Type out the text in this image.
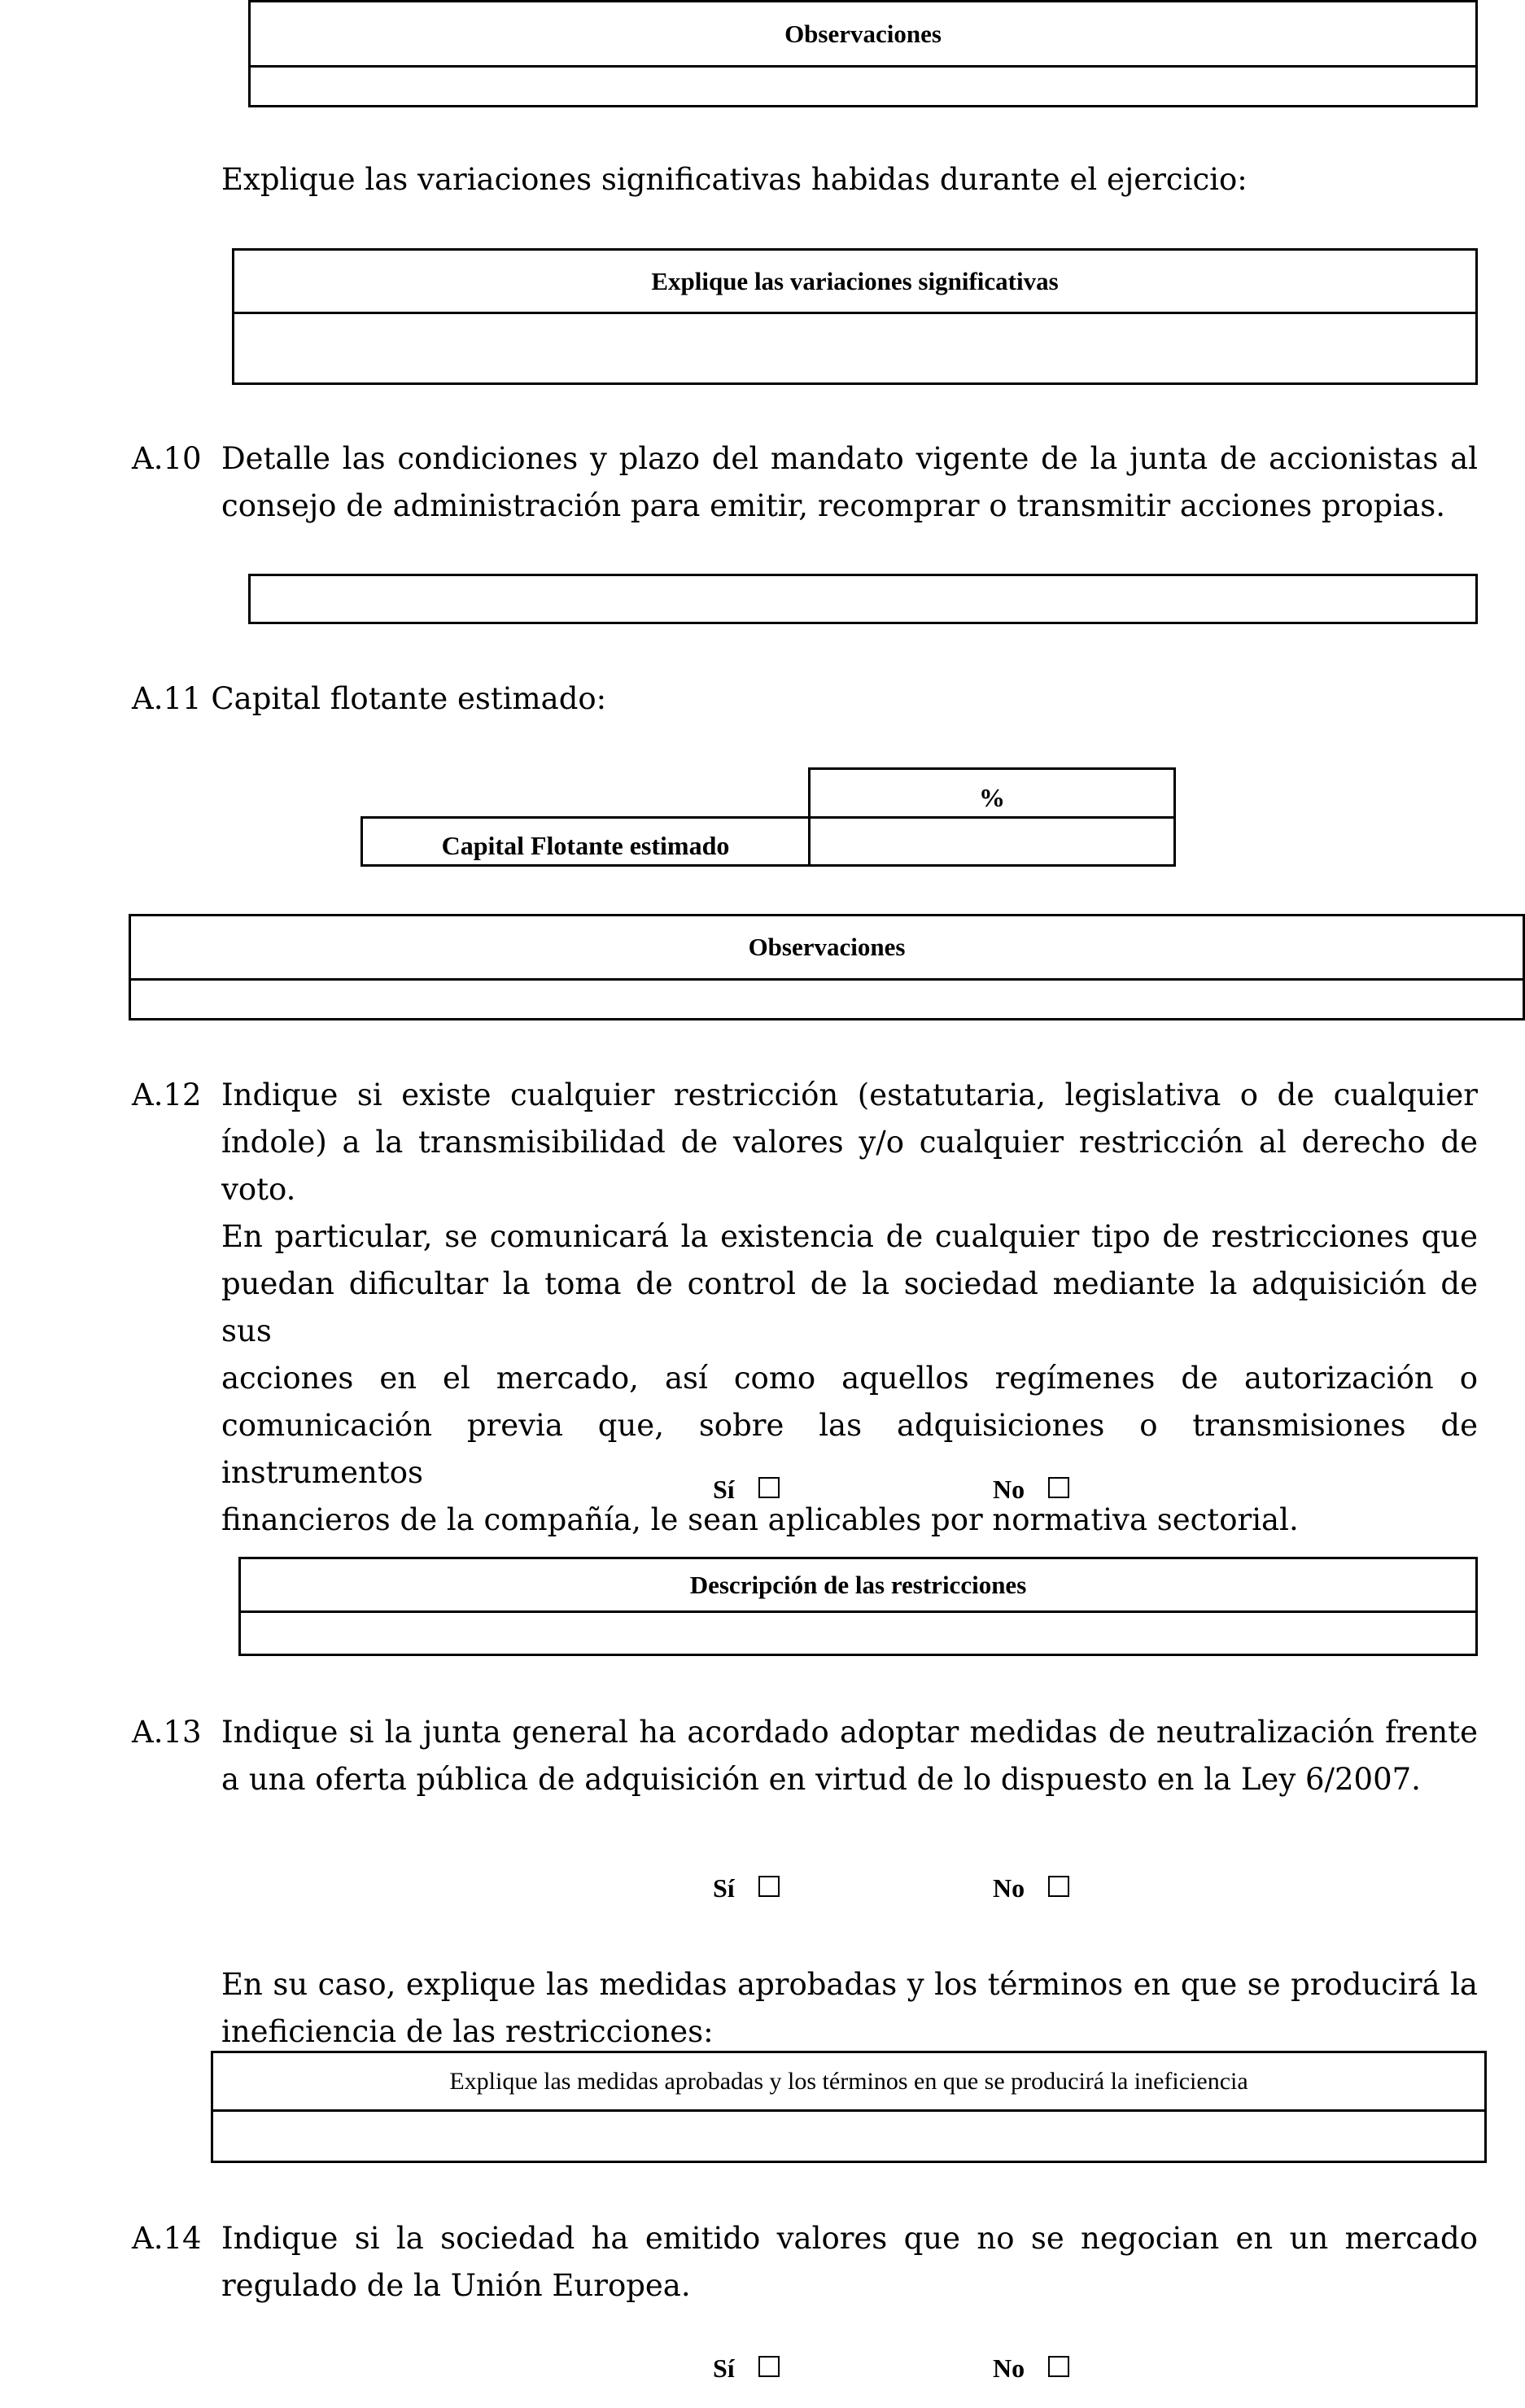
Observaciones
Explique las variaciones significativas habidas durante el ejercicio:
Explique las variaciones significativas
A.10 Detalle las condiciones y plazo del mandato vigente de la junta de accionistas al
consejo de administración para emitir, recomprar o transmitir acciones propias.
A.11 Capital flotante estimado:
%
Capital Flotante estimado
Observaciones
A.12 Indique si existe cualquier restricción (estatutaria, legislativa o de cualquier
índole) a la transmisibilidad de valores y/o cualquier restricción al derecho de voto.
En particular, se comunicará la existencia de cualquier tipo de restricciones que
puedan dificultar la toma de control de la sociedad mediante la adquisición de sus
acciones en el mercado, así como aquellos regímenes de autorización o
comunicación previa que, sobre las adquisiciones o transmisiones de instrumentos
financieros de la compañía, le sean aplicables por normativa sectorial.
Sí	No
Descripción de las restricciones
A.13 Indique si la junta general ha acordado adoptar medidas de neutralización frente
a una oferta pública de adquisición en virtud de lo dispuesto en la Ley 6/2007.
Sí	No
En su caso, explique las medidas aprobadas y los términos en que se producirá la
ineficiencia de las restricciones:
Explique las medidas aprobadas y los términos en que se producirá la ineficiencia
A.14 Indique si la sociedad ha emitido valores que no se negocian en un mercado
regulado de la Unión Europea.
Sí	No
